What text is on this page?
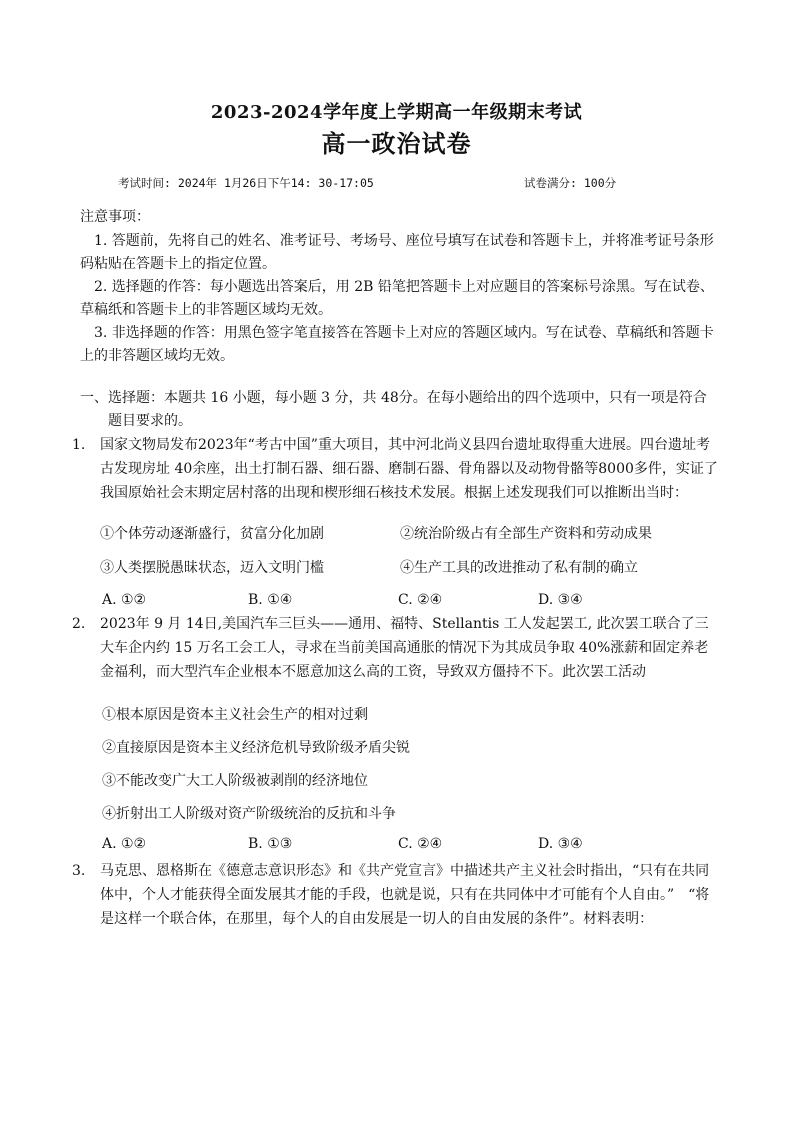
2023-2024学年度上学期高一年级期末考试
高一政治试卷
考试时间: 2024年 1月26日下午14: 30-17:05	试卷满分: 100分
注意事项：

1. 答题前，先将自己的姓名、准考证号、考场号、座位号填写在试卷和答题卡上，并将准考证号条形码粘贴在答题卡上的指定位置。

2. 选择题的作答：每小题选出答案后，用 2B 铅笔把答题卡上对应题目的答案标号涂黑。写在试卷、草稿纸和答题卡上的非答题区域均无效。

3. 非选择题的作答：用黑色签字笔直接答在答题卡上对应的答题区域内。写在试卷、草稿纸和答题卡上的非答题区域均无效。

一、选择题：本题共 16 小题，每小题 3 分，共 48分。在每小题给出的四个选项中，只有一项是符合题目要求的。
1. 国家文物局发布2023年“考古中国”重大项目，其中河北尚义县四台遗址取得重大进展。四台遗址考古发现房址 40余座，出土打制石器、细石器、磨制石器、骨角器以及动物骨骼等8000多件，实证了我国原始社会末期定居村落的出现和楔形细石核技术发展。根据上述发现我们可以推断出当时：
①个体劳动逐渐盛行，贫富分化加剧	②统治阶级占有全部生产资料和劳动成果
③人类摆脱愚昧状态，迈入文明门槛	④生产工具的改进推动了私有制的确立
A. ①②	B. ①④	C. ②④	D. ③④
2. 2023年 9 月 14日,美国汽车三巨头——通用、福特、Stellantis 工人发起罢工, 此次罢工联合了三大车企内约 15 万名工会工人，寻求在当前美国高通胀的情况下为其成员争取 40%涨薪和固定养老金福利，而大型汽车企业根本不愿意加这么高的工资，导致双方僵持不下。此次罢工活动
①根本原因是资本主义社会生产的相对过剩
②直接原因是资本主义经济危机导致阶级矛盾尖锐
③不能改变广大工人阶级被剥削的经济地位
④折射出工人阶级对资产阶级统治的反抗和斗争
A. ①②	B. ①③	C. ②④	D. ③④
3. 马克思、恩格斯在《德意志意识形态》和《共产党宣言》中描述共产主义社会时指出，“只有在共同体中，个人才能获得全面发展其才能的手段，也就是说，只有在共同体中才可能有个人自由。”　“将是这样一个联合体，在那里，每个人的自由发展是一切人的自由发展的条件”。材料表明：
